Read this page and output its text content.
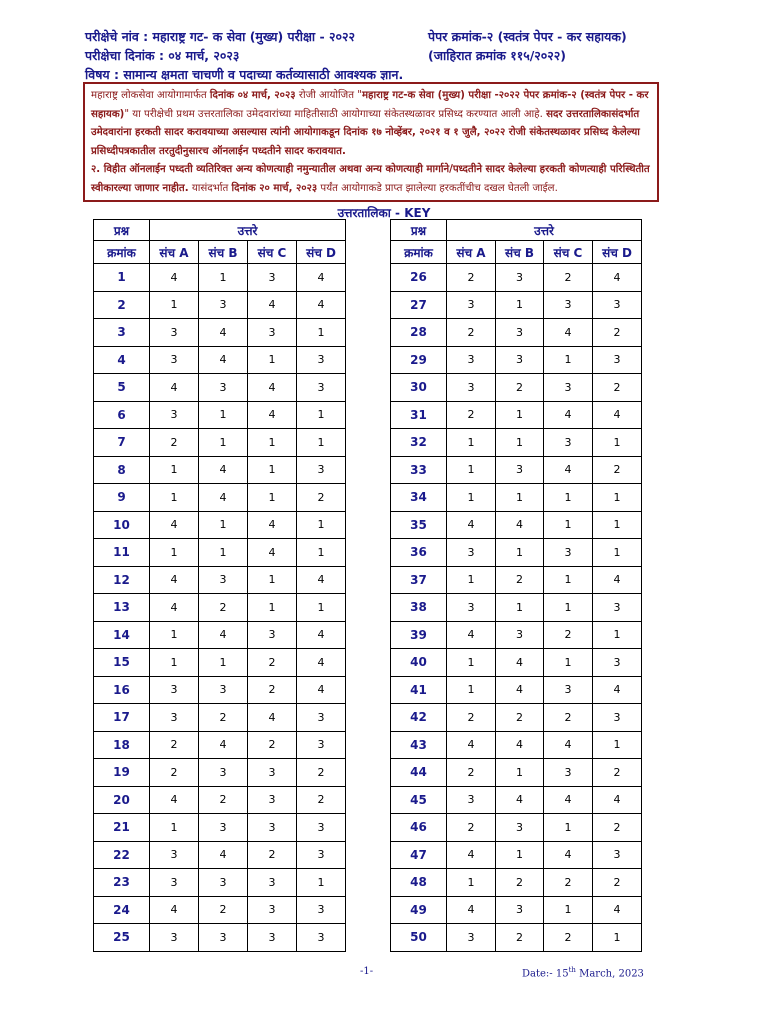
परीक्षेचे नांव : महाराष्ट्र गट- क सेवा (मुख्य) परीक्षा - २०२२	पेपर क्रमांक-२ (स्वतंत्र पेपर - कर सहायक)
परीक्षेचा दिनांक : ०४ मार्च, २०२३	(जाहिरात क्रमांक ११५/२०२२)
विषय : सामान्य क्षमता चाचणी व पदाच्या कर्तव्यासाठी आवश्यक ज्ञान.

महाराष्ट्र लोकसेवा आयोगामार्फत दिनांक ०४ मार्च, २०२३ रोजी आयोजित "महाराष्ट्र गट-क सेवा (मुख्य) परीक्षा -२०२२ पेपर क्रमांक-२ (स्वतंत्र पेपर - कर सहायक)" या परीक्षेची प्रथम उत्तरतालिका उमेदवारांच्या माहितीसाठी आयोगाच्या संकेतस्थळावर प्रसिध्द करण्यात आली आहे. सदर उत्तरतालिकासंदर्भात उमेदवारांना हरकती सादर करावयाच्या असल्यास त्यांनी आयोगाकडून दिनांक १७ नोव्हेंबर, २०२१ व १ जुलै, २०२२ रोजी संकेतस्थळावर प्रसिध्द केलेल्या प्रसिध्दीपत्रकातील तरतुदीनुसारच ऑनलाईन पध्दतीने सादर करावयात.

२. विहीत ऑनलाईन पध्दती व्यतिरिक्त अन्य कोणत्याही नमुन्यातील अथवा अन्य कोणत्याही मार्गाने/पध्दतीने सादर केलेल्या हरकती कोणत्याही परिस्थितीत स्वीकारल्या जाणार नाहीत. यासंदर्भात दिनांक २० मार्च, २०२३ पर्यंत आयोगाकडे प्राप्त झालेल्या हरकतींचीच दखल घेतली जाईल.

उत्तरतालिका - KEY
प्रश्न	उत्तरे			
क्रमांक	संच A	संच B	संच C	संच D
1	4	1	3	4
2	1	3	4	4
3	3	4	3	1
4	3	4	1	3
5	4	3	4	3
6	3	1	4	1
7	2	1	1	1
8	1	4	1	3
9	1	4	1	2
10	4	1	4	1
11	1	1	4	1
12	4	3	1	4
13	4	2	1	1
14	1	4	3	4
15	1	1	2	4
16	3	3	2	4
17	3	2	4	3
18	2	4	2	3
19	2	3	3	2
20	4	2	3	2
21	1	3	3	3
22	3	4	2	3
23	3	3	3	1
24	4	2	3	3
25	3	3	3	3
प्रश्न	उत्तरे			
क्रमांक	संच A	संच B	संच C	संच D
26	2	3	2	4
27	3	1	3	3
28	2	3	4	2
29	3	3	1	3
30	3	2	3	2
31	2	1	4	4
32	1	1	3	1
33	1	3	4	2
34	1	1	1	1
35	4	4	1	1
36	3	1	3	1
37	1	2	1	4
38	3	1	1	3
39	4	3	2	1
40	1	4	1	3
41	1	4	3	4
42	2	2	2	3
43	4	4	4	1
44	2	1	3	2
45	3	4	4	4
46	2	3	1	2
47	4	1	4	3
48	1	2	2	2
49	4	3	1	4
50	3	2	2	1
-1-	Date:- 15th March, 2023
